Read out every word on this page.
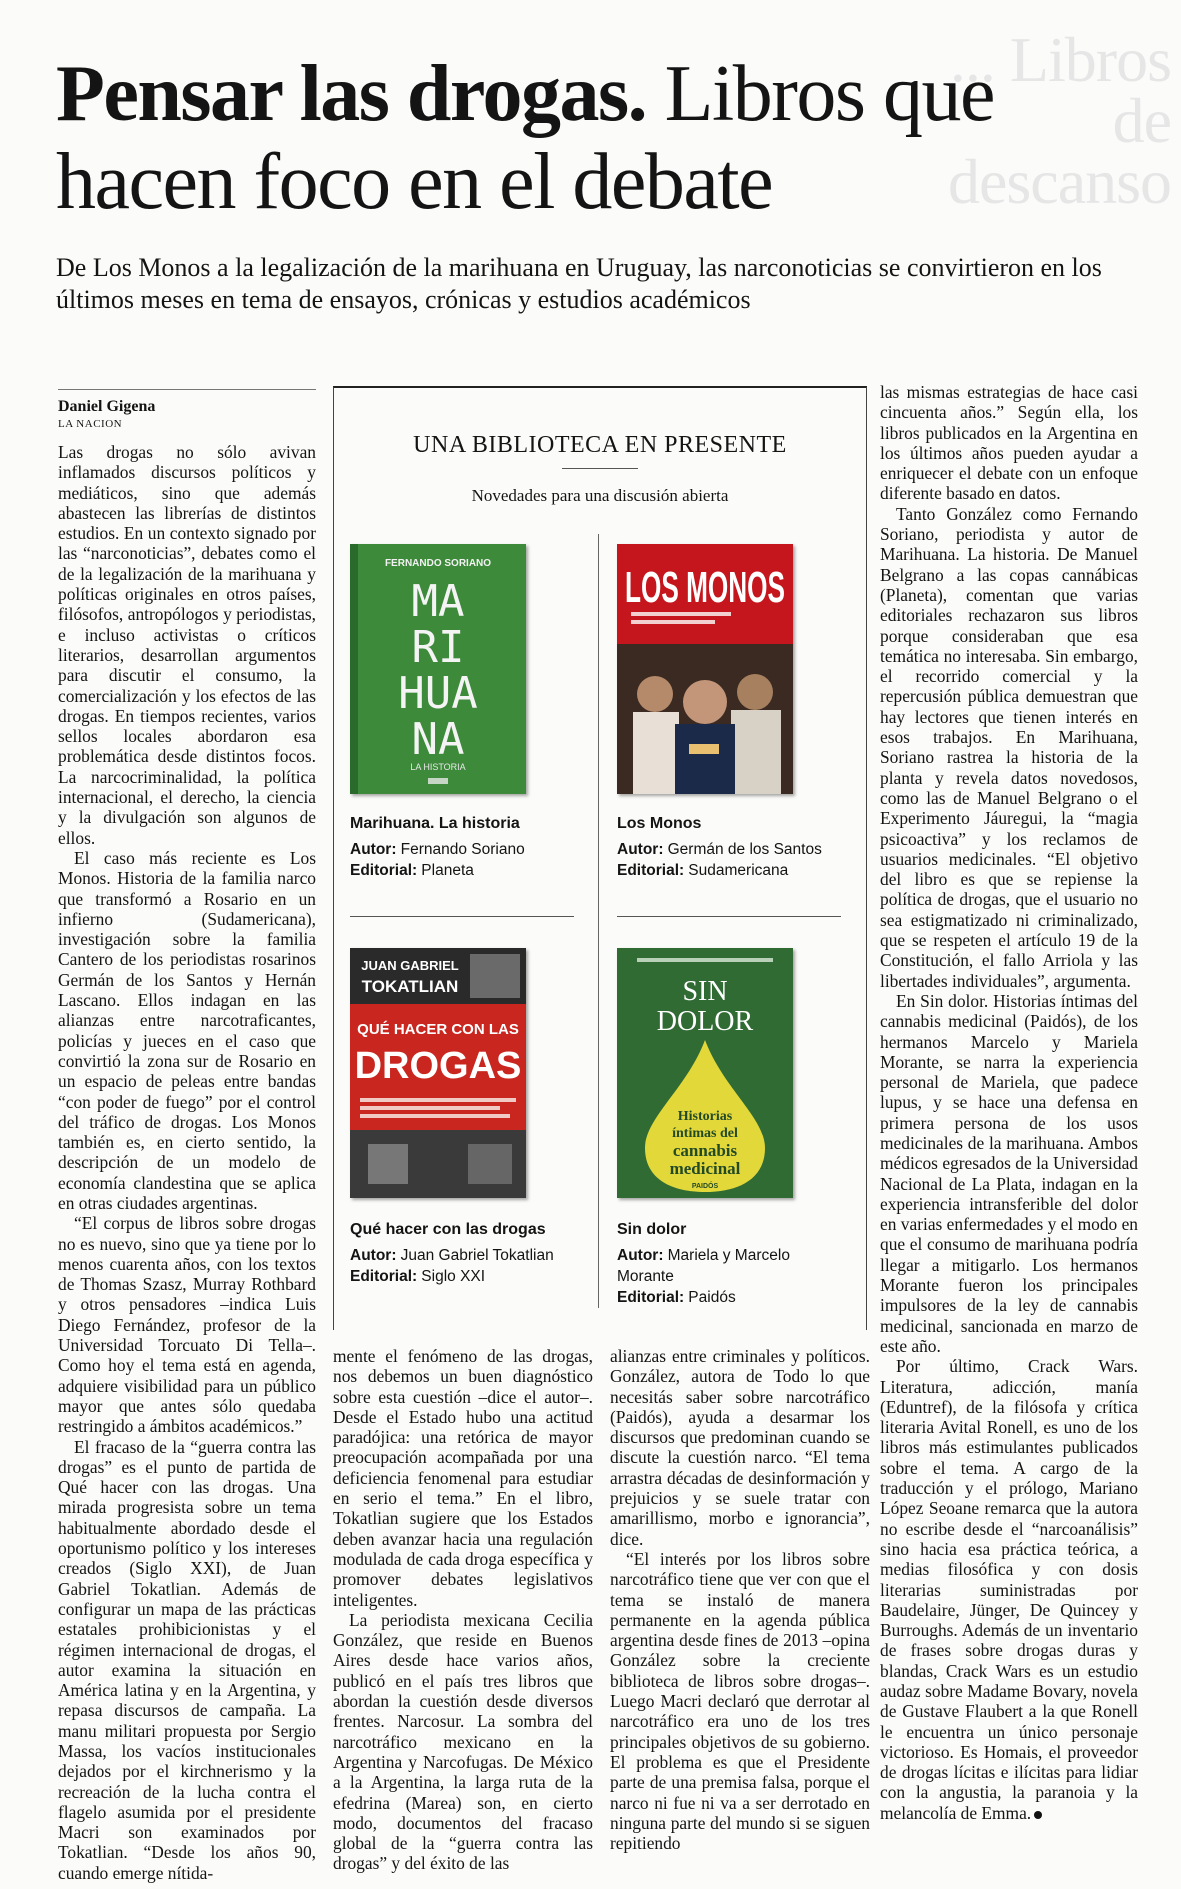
... Libros de descanso
Pensar las drogas. Libros que hacen foco en el debate

De Los Monos a la legalización de la marihuana en Uruguay, las narconoticias se convirtieron en los últimos meses en tema de ensayos, crónicas y estudios académicos

Daniel Gigena
LA NACION

Las drogas no sólo avivan inflamados discursos políticos y mediáticos, sino que además abastecen las librerías de distintos estudios. En un contexto signado por las “narconoticias”, debates como el de la legalización de la marihuana y políticas originales en otros países, filósofos, antropólogos y periodistas, e incluso activistas o críticos literarios, desarrollan argumentos para discutir el consumo, la comercialización y los efectos de las drogas. En tiempos recientes, varios sellos locales abordaron esa problemática desde distintos focos. La narcocriminalidad, la política internacional, el derecho, la ciencia y la divulgación son algunos de ellos.

El caso más reciente es Los Monos. Historia de la familia narco que transformó a Rosario en un infierno (Sudamericana), investigación sobre la familia Cantero de los periodistas rosarinos Germán de los Santos y Hernán Lascano. Ellos indagan en las alianzas entre narcotraficantes, policías y jueces en el caso que convirtió la zona sur de Rosario en un espacio de peleas entre bandas “con poder de fuego” por el control del tráfico de drogas. Los Monos también es, en cierto sentido, la descripción de un modelo de economía clandestina que se aplica en otras ciudades argentinas.

“El corpus de libros sobre drogas no es nuevo, sino que ya tiene por lo menos cuarenta años, con los textos de Thomas Szasz, Murray Rothbard y otros pensadores –indica Luis Diego Fernández, profesor de la Universidad Torcuato Di Tella–. Como hoy el tema está en agenda, adquiere visibilidad para un público mayor que antes sólo quedaba restringido a ámbitos académicos.”

El fracaso de la “guerra contra las drogas” es el punto de partida de Qué hacer con las drogas. Una mirada progresista sobre un tema habitualmente abordado desde el oportunismo político y los intereses creados (Siglo XXI), de Juan Gabriel Tokatlian. Además de configurar un mapa de las prácticas estatales prohibicionistas y el régimen internacional de drogas, el autor examina la situación en América latina y en la Argentina, y repasa discursos de campaña. La manu militari propuesta por Sergio Massa, los vacíos institucionales dejados por el kirchnerismo y la recreación de la lucha contra el flagelo asumida por el presidente Macri son examinados por Tokatlian. “Desde los años 90, cuando emerge nítida-

mente el fenómeno de las drogas, nos debemos un buen diagnóstico sobre esta cuestión –dice el autor–. Desde el Estado hubo una actitud paradójica: una retórica de mayor preocupación acompañada por una deficiencia fenomenal para estudiar en serio el tema.” En el libro, Tokatlian sugiere que los Estados deben avanzar hacia una regulación modulada de cada droga específica y promover debates legislativos inteligentes.

La periodista mexicana Cecilia González, que reside en Buenos Aires desde hace varios años, publicó en el país tres libros que abordan la cuestión desde diversos frentes. Narcosur. La sombra del narcotráfico mexicano en la Argentina y Narcofugas. De México a la Argentina, la larga ruta de la efedrina (Marea) son, en cierto modo, documentos del fracaso global de la “guerra contra las drogas” y del éxito de las

alianzas entre criminales y políticos. González, autora de Todo lo que necesitás saber sobre narcotráfico (Paidós), ayuda a desarmar los discursos que predominan cuando se discute la cuestión narco. “El tema arrastra décadas de desinformación y prejuicios y se suele tratar con amarillismo, morbo e ignorancia”, dice.

“El interés por los libros sobre narcotráfico tiene que ver con que el tema se instaló de manera permanente en la agenda pública argentina desde fines de 2013 –opina González sobre la creciente biblioteca de libros sobre drogas–. Luego Macri declaró que derrotar al narcotráfico era uno de los tres principales objetivos de su gobierno. El problema es que el Presidente parte de una premisa falsa, porque el narco ni fue ni va a ser derrotado en ninguna parte del mundo si se siguen repitiendo

las mismas estrategias de hace casi cincuenta años.” Según ella, los libros publicados en la Argentina en los últimos años pueden ayudar a enriquecer el debate con un enfoque diferente basado en datos.

Tanto González como Fernando Soriano, periodista y autor de Marihuana. La historia. De Manuel Belgrano a las copas cannábicas (Planeta), comentan que varias editoriales rechazaron sus libros porque consideraban que esa temática no interesaba. Sin embargo, el recorrido comercial y la repercusión pública demuestran que hay lectores que tienen interés en esos trabajos. En Marihuana, Soriano rastrea la historia de la planta y revela datos novedosos, como las de Manuel Belgrano o el Experimento Jáuregui, la “magia psicoactiva” y los reclamos de usuarios medicinales. “El objetivo del libro es que se repiense la política de drogas, que el usuario no sea estigmatizado ni criminalizado, que se respeten el artículo 19 de la Constitución, el fallo Arriola y las libertades individuales”, argumenta.

En Sin dolor. Historias íntimas del cannabis medicinal (Paidós), de los hermanos Marcelo y Mariela Morante, se narra la experiencia personal de Mariela, que padece lupus, y se hace una defensa en primera persona de los usos medicinales de la marihuana. Ambos médicos egresados de la Universidad Nacional de La Plata, indagan en la experiencia intransferible del dolor en varias enfermedades y el modo en que el consumo de marihuana podría llegar a mitigarlo. Los hermanos Morante fueron los principales impulsores de la ley de cannabis medicinal, sancionada en marzo de este año.

Por último, Crack Wars. Literatura, adicción, manía (Eduntref), de la filósofa y crítica literaria Avital Ronell, es uno de los libros más estimulantes publicados sobre el tema. A cargo de la traducción y el prólogo, Mariano López Seoane remarca que la autora no escribe desde el “narcoanálisis” sino hacia esa práctica teórica, a medias filosófica y con dosis literarias suministradas por Baudelaire, Jünger, De Quincey y Burroughs. Además de un inventario de frases sobre drogas duras y blandas, Crack Wars es un estudio audaz sobre Madame Bovary, novela de Gustave Flaubert a la que Ronell le encuentra un único personaje victorioso. Es Homais, el proveedor de drogas lícitas e ilícitas para lidiar con la angustia, la paranoia y la melancolía de Emma.

UNA BIBLIOTECA EN PRESENTE
Novedades para una discusión abierta
FERNANDO SORIANO
MA
RI
HUA
NA
LA HISTORIA
LOS MONOS
Marihuana. La historia
Autor: Fernando Soriano
Editorial: Planeta
Los Monos
Autor: Germán de los Santos
Editorial: Sudamericana
JUAN GABRIEL
TOKATLIAN
QUÉ HACER CON LAS
DROGAS
SIN
DOLOR
Historias
íntimas del
cannabis
medicinal
PAIDÓS
Qué hacer con las drogas
Autor: Juan Gabriel Tokatlian
Editorial: Siglo XXI
Sin dolor
Autor: Mariela y Marcelo Morante
Editorial: Paidós
